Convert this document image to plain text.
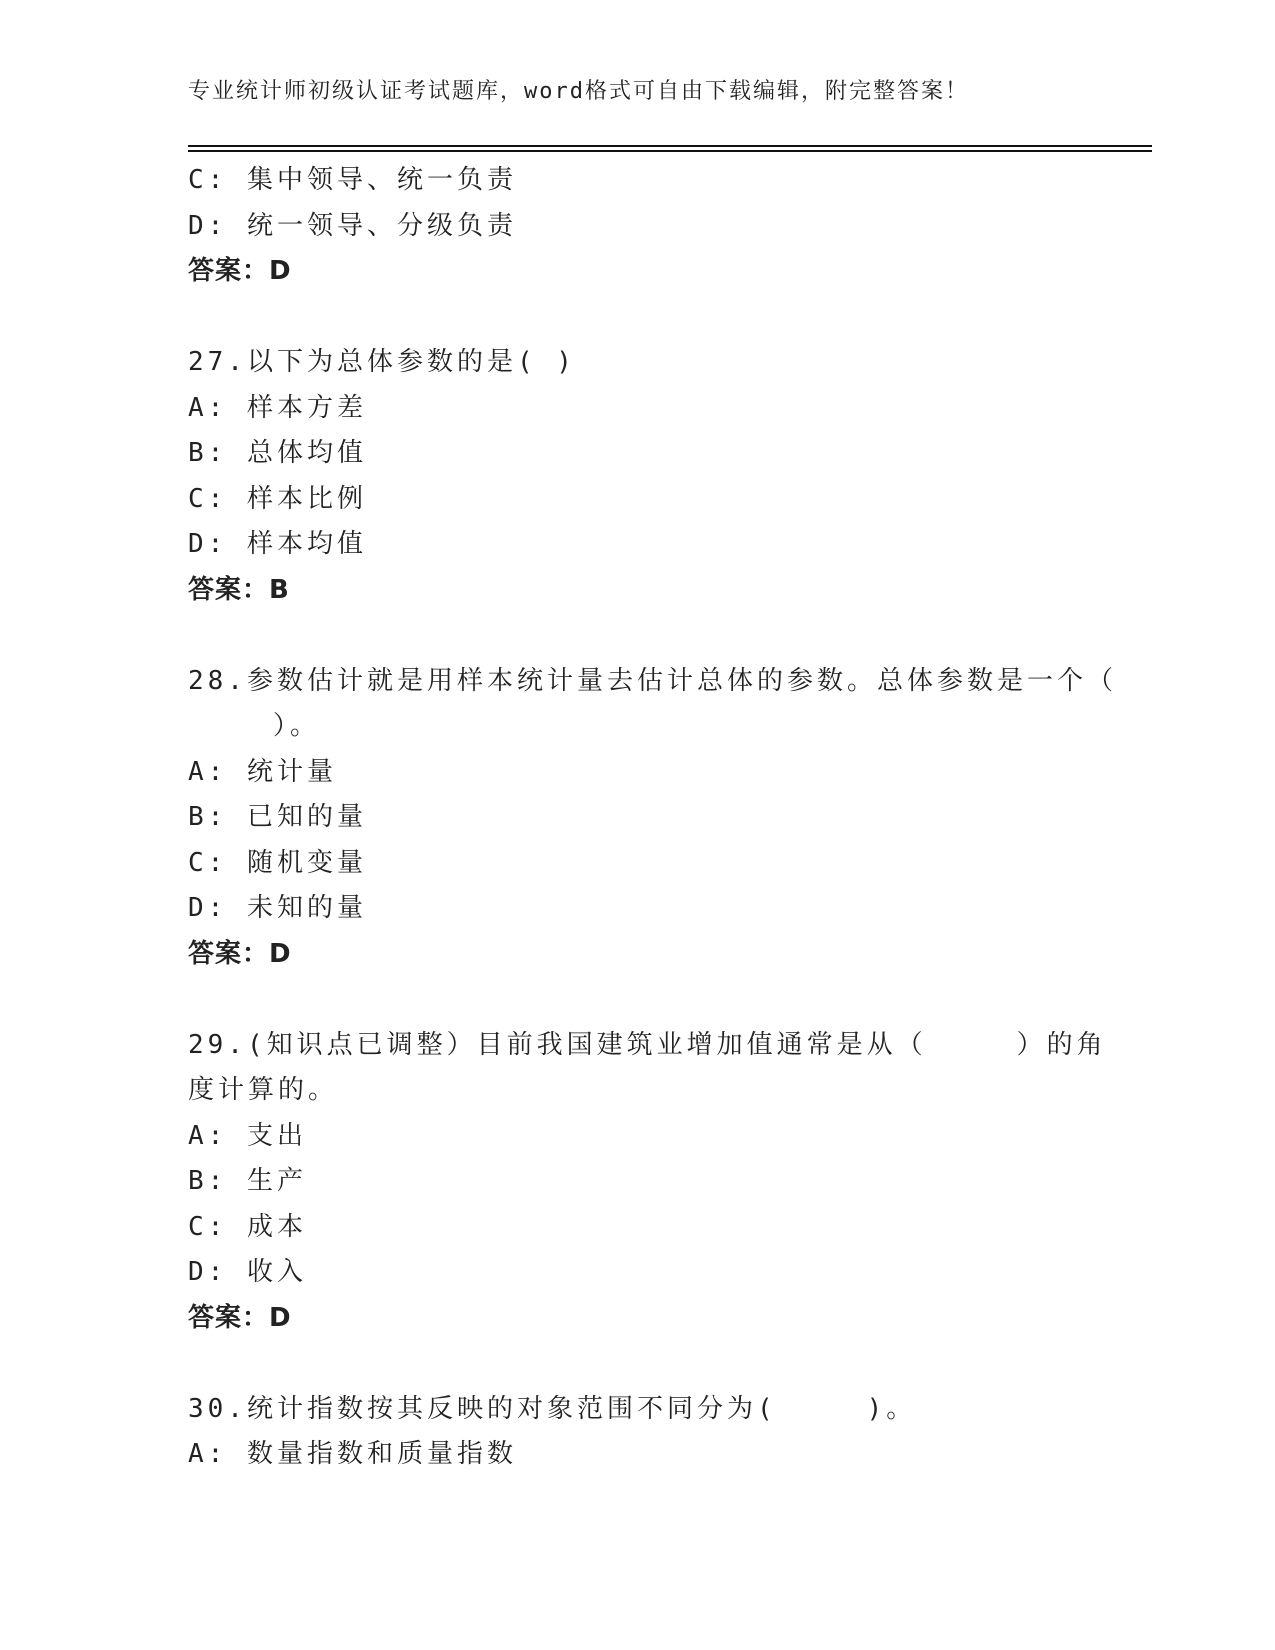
专业统计师初级认证考试题库，word格式可自由下载编辑，附完整答案！
C: 集中领导、统一负责
D: 统一领导、分级负责
答案：D
27.以下为总体参数的是( )
A: 样本方差
B: 总体均值
C: 样本比例
D: 样本均值
答案：B
28.参数估计就是用样本统计量去估计总体的参数。总体参数是一个（
）。
A: 统计量
B: 已知的量
C: 随机变量
D: 未知的量
答案：D
29.(知识点已调整）目前我国建筑业增加值通常是从（　　　）的角
度计算的。
A: 支出
B: 生产
C: 成本
D: 收入
答案：D
30.统计指数按其反映的对象范围不同分为(　　　)。
A: 数量指数和质量指数
